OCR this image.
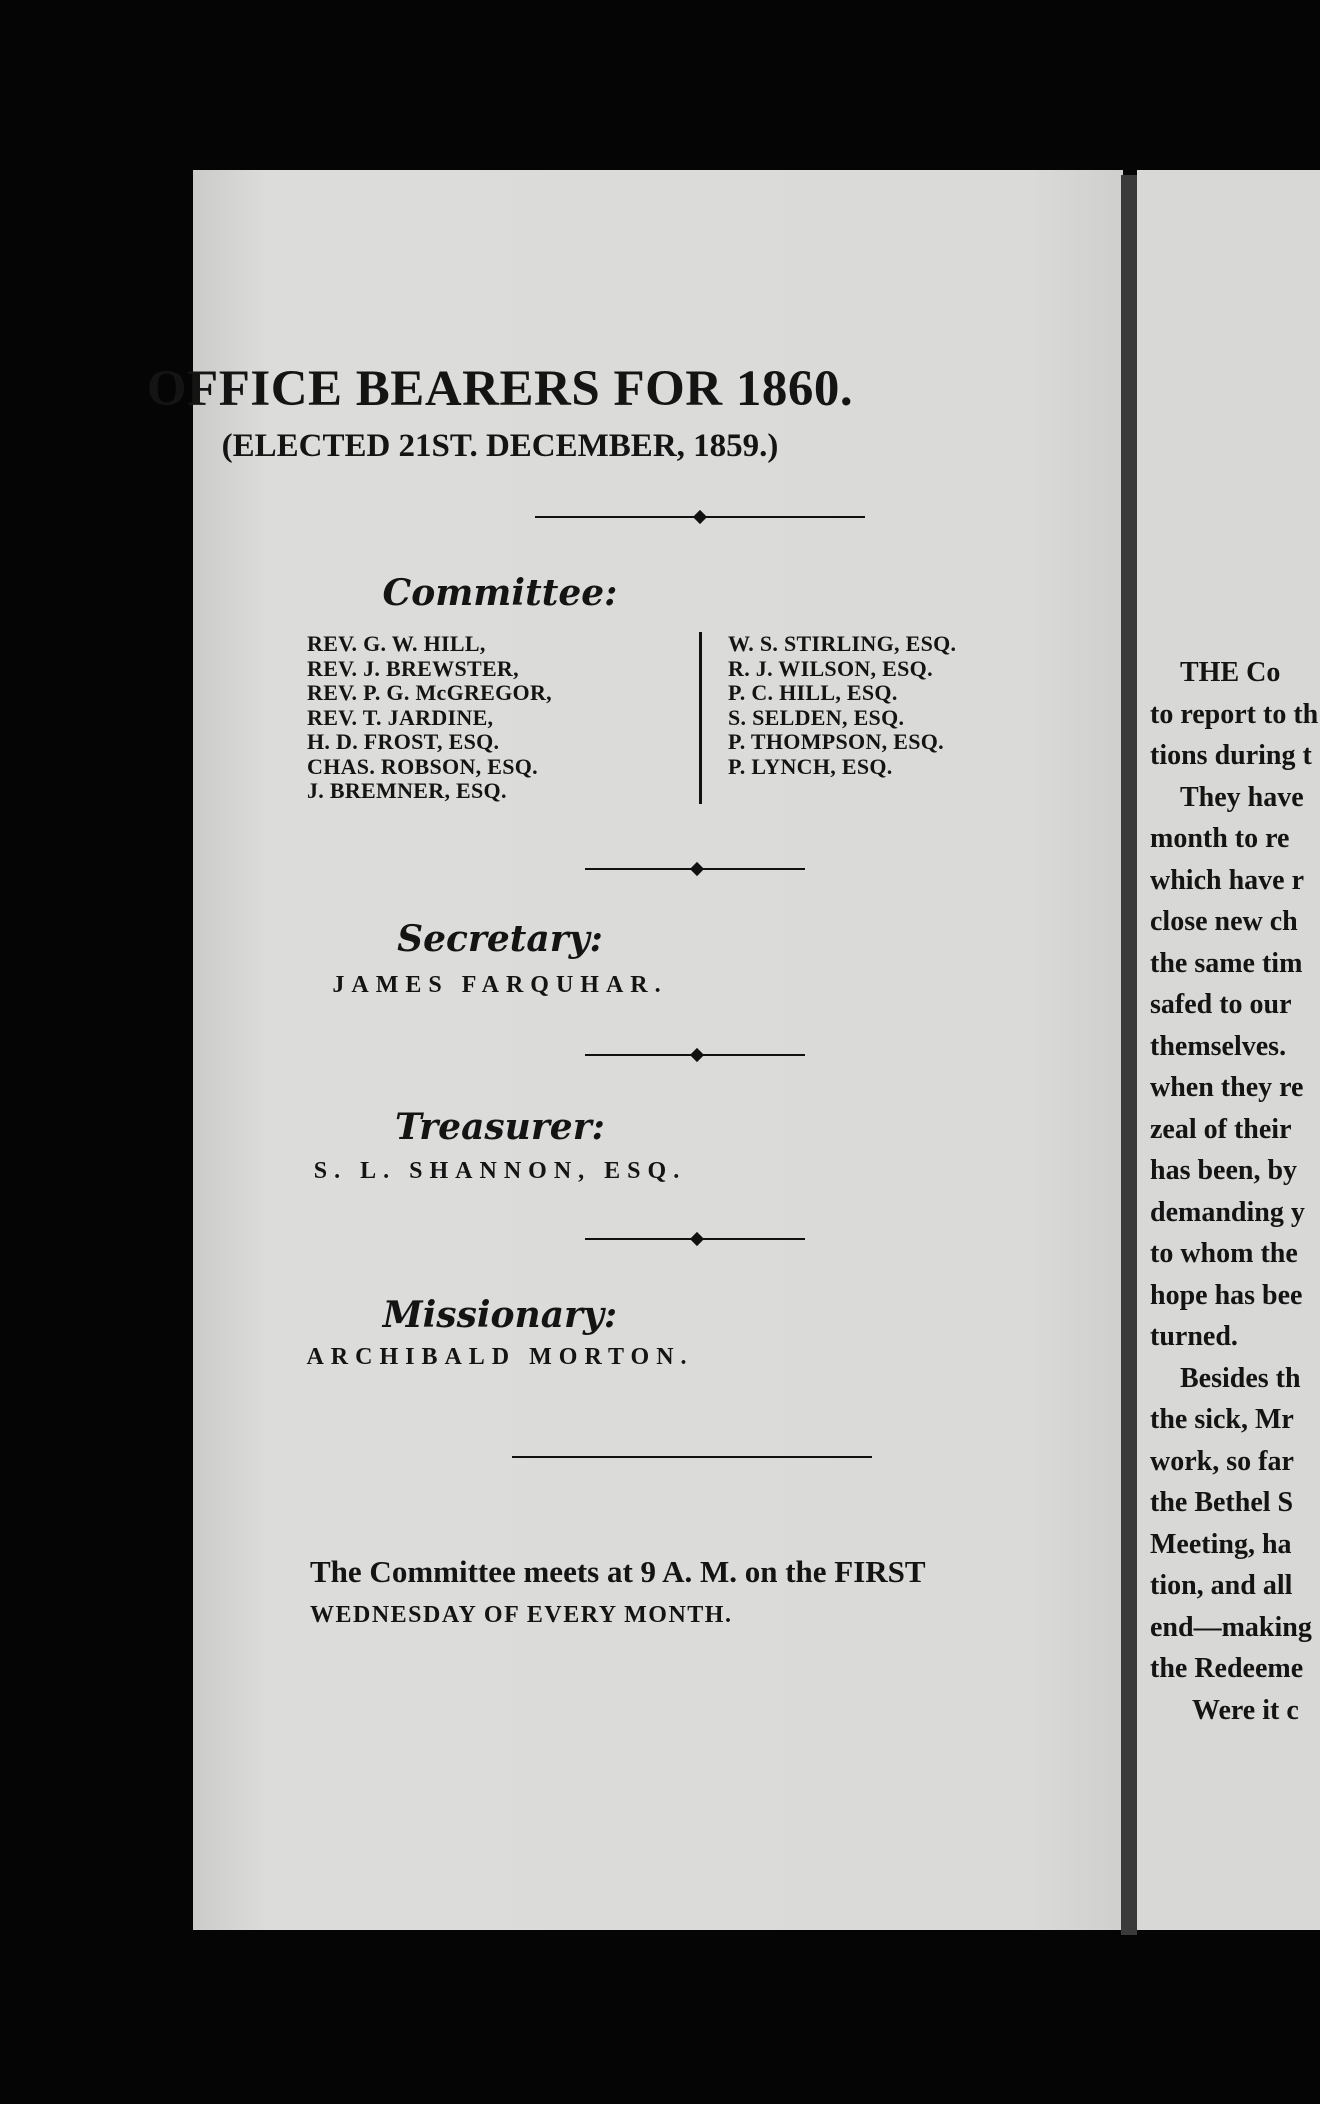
OFFICE BEARERS FOR 1860.
(ELECTED 21ST. DECEMBER, 1859.)
Committee:
REV. G. W. HILL,
REV. J. BREWSTER,
REV. P. G. McGREGOR,
REV. T. JARDINE,
H. D. FROST, ESQ.
CHAS. ROBSON, ESQ.
J. BREMNER, ESQ.
W. S. STIRLING, ESQ.
R. J. WILSON, ESQ.
P. C. HILL, ESQ.
S. SELDEN, ESQ.
P. THOMPSON, ESQ.
P. LYNCH, ESQ.
Secretary:
JAMES FARQUHAR.
Treasurer:
S. L. SHANNON, ESQ.
Missionary:
ARCHIBALD MORTON.
The Committee meets at 9 A. M. on the FIRST
WEDNESDAY OF EVERY MONTH.
THE Co
to report to th
tions during t
They have
month to re
which have r
close new ch
the same tim
safed to our
themselves.
when they re
zeal of their
has been, by
demanding y
to whom the
hope has bee
turned.
Besides th
the sick, Mr
work, so far
the Bethel S
Meeting, ha
tion, and all
end—making
the Redeeme
Were it c
